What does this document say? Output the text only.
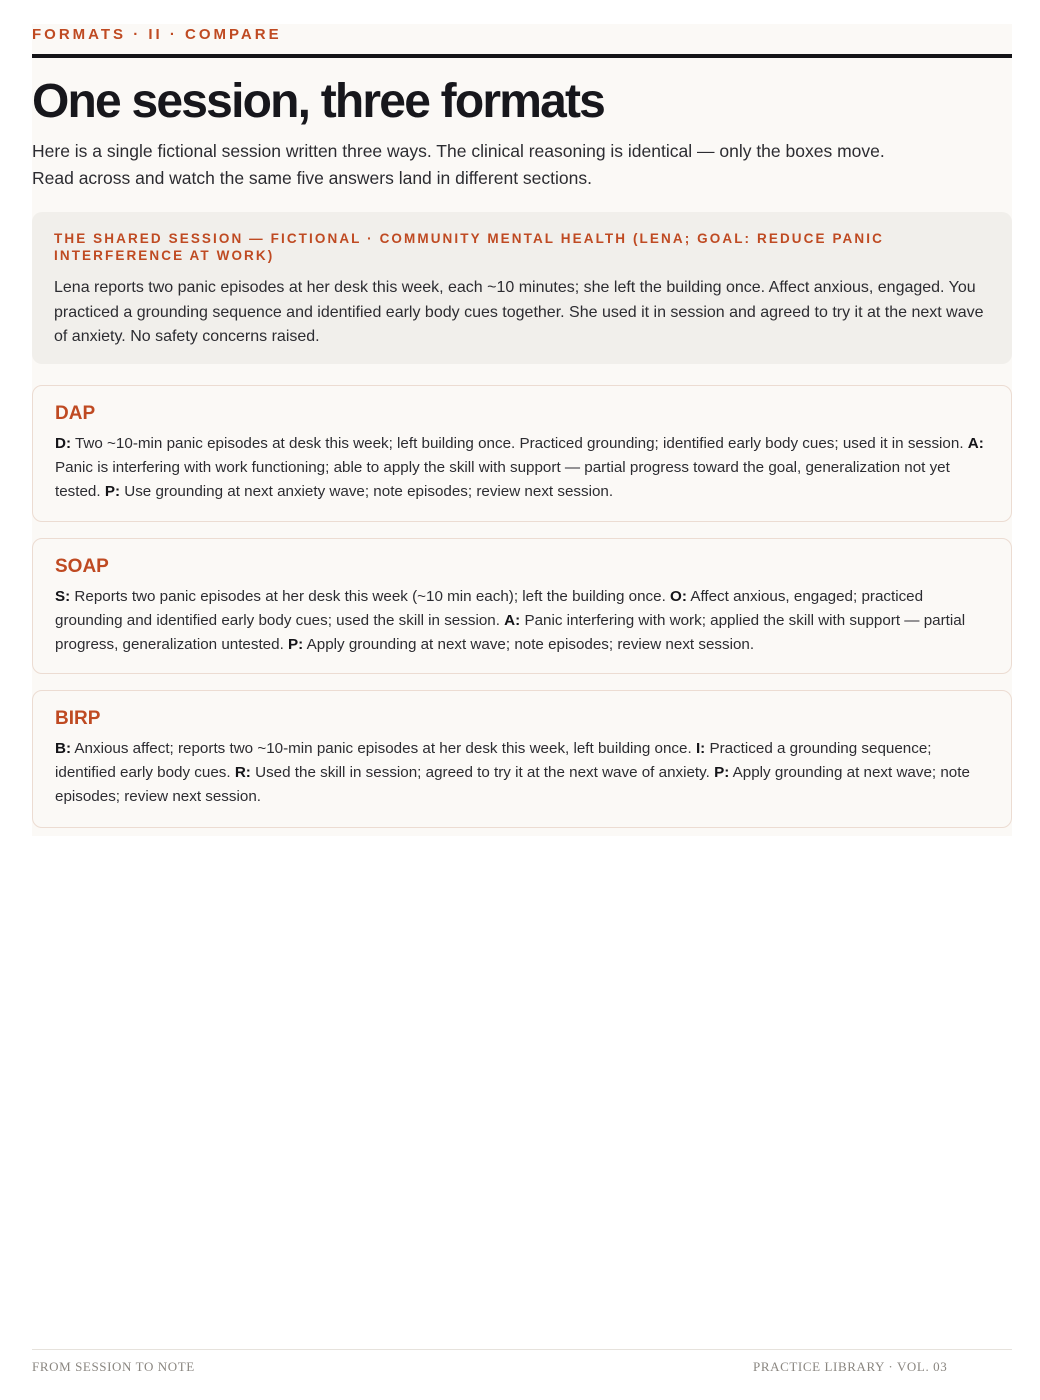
FORMATS · II · COMPARE
One session, three formats

Here is a single fictional session written three ways. The clinical reasoning is identical — only the boxes move. Read across and watch the same five answers land in different sections.

THE SHARED SESSION — FICTIONAL · COMMUNITY MENTAL HEALTH (LENA; GOAL: REDUCE PANIC INTERFERENCE AT WORK)

Lena reports two panic episodes at her desk this week, each ~10 minutes; she left the building once. Affect anxious, engaged. You practiced a grounding sequence and identified early body cues together. She used it in session and agreed to try it at the next wave of anxiety. No safety concerns raised.

DAP

D: Two ~10-min panic episodes at desk this week; left building once. Practiced grounding; identified early body cues; used it in session. A: Panic is interfering with work functioning; able to apply the skill with support — partial progress toward the goal, generalization not yet tested. P: Use grounding at next anxiety wave; note episodes; review next session.

SOAP

S: Reports two panic episodes at her desk this week (~10 min each); left the building once. O: Affect anxious, engaged; practiced grounding and identified early body cues; used the skill in session. A: Panic interfering with work; applied the skill with support — partial progress, generalization untested. P: Apply grounding at next wave; note episodes; review next session.

BIRP

B: Anxious affect; reports two ~10-min panic episodes at her desk this week, left building once. I: Practiced a grounding sequence; identified early body cues. R: Used the skill in session; agreed to try it at the next wave of anxiety. P: Apply grounding at next wave; note episodes; review next session.

FROM SESSION TO NOTE	PRACTICE LIBRARY · VOL. 03
